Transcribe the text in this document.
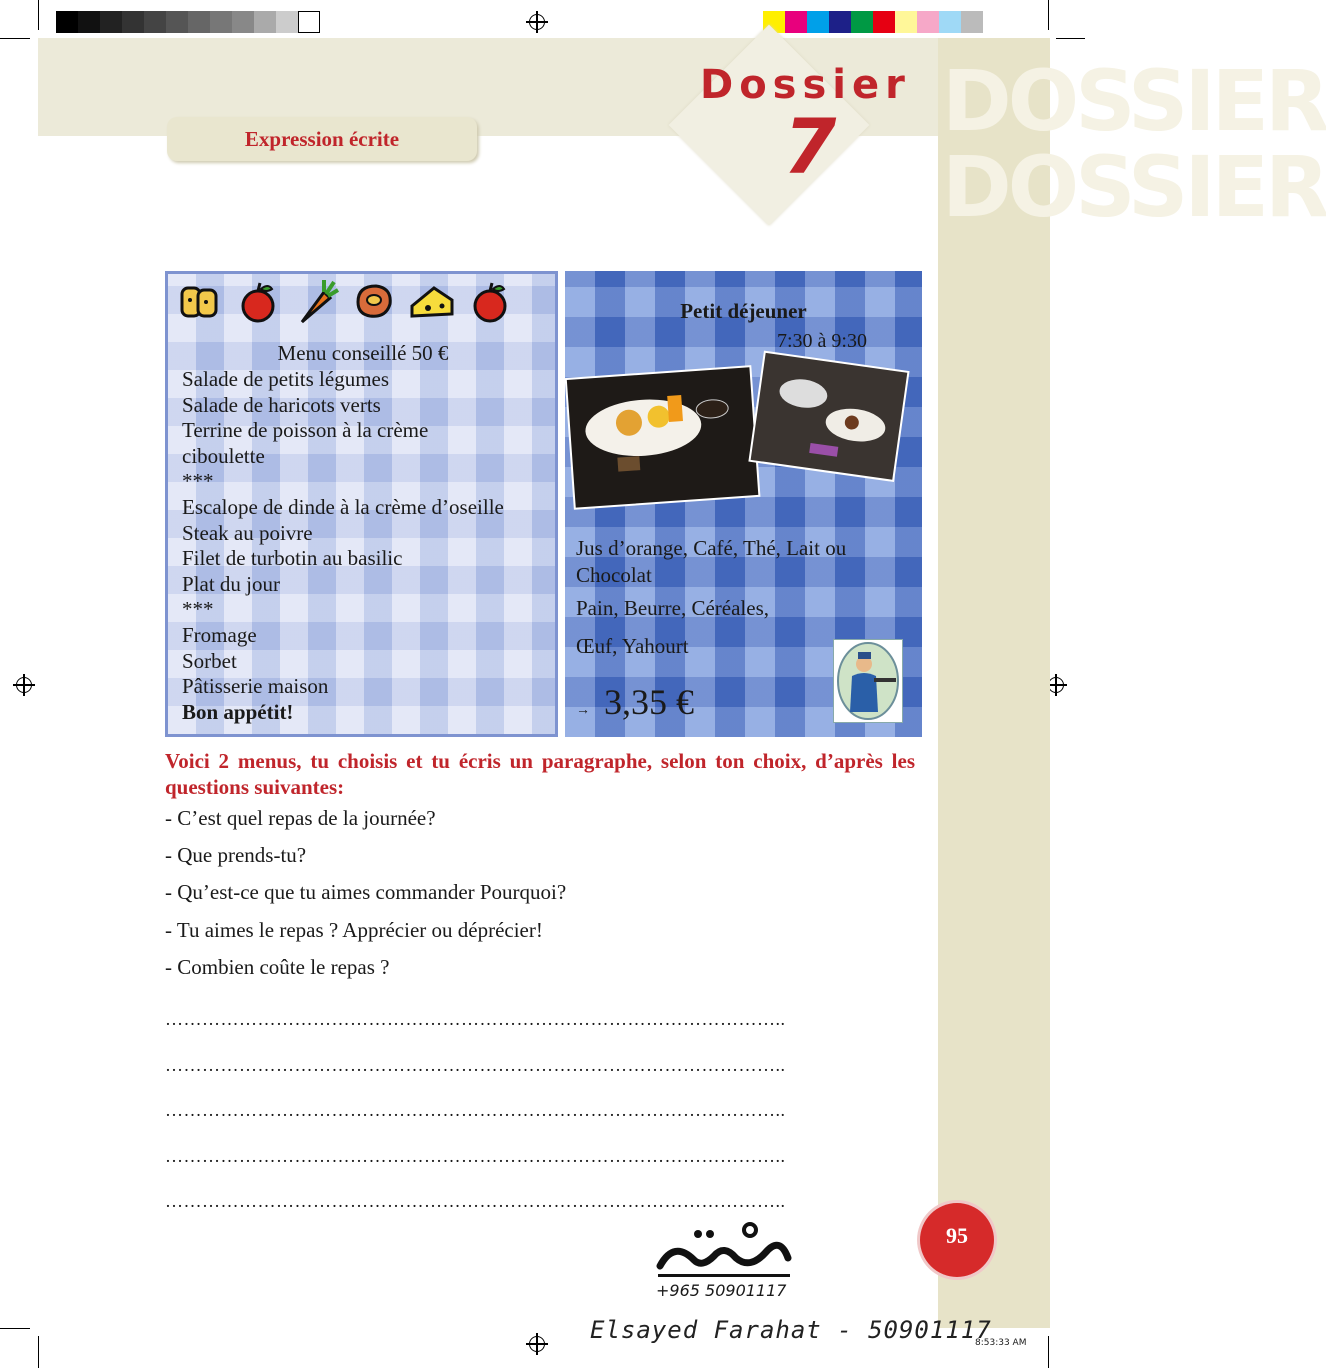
DOSSIER DOSSIER
Expression écrite
Dossier
7
Menu conseillé 50 €
Salade de petits légumes
Salade de haricots verts
Terrine de poisson à la crème
ciboulette
***
Escalope de dinde à la crème d’oseille
Steak au poivre
Filet de turbotin au basilic
Plat du jour
***
Fromage
Sorbet
Pâtisserie maison
Bon appétit!
Petit déjeuner
7:30 à 9:30
Jus d’orange, Café, Thé, Lait ou Chocolat
Pain, Beurre, Céréales,
Œuf, Yahourt
→ 3,35 €
Voici 2 menus, tu choisis et tu écris un paragraphe, selon ton choix, d’après les questions suivantes:
- C’est quel repas de la journée?
- Que prends-tu?
- Qu’est-ce que tu aimes commander Pourquoi?
- Tu aimes le repas ? Apprécier ou déprécier!
- Combien coûte le repas ?
………………………………………………………………………………………..
………………………………………………………………………………………..
………………………………………………………………………………………..
………………………………………………………………………………………..
………………………………………………………………………………………..
95
+965 50901117
Elsayed Farahat - 50901117
8:53:33 AM
